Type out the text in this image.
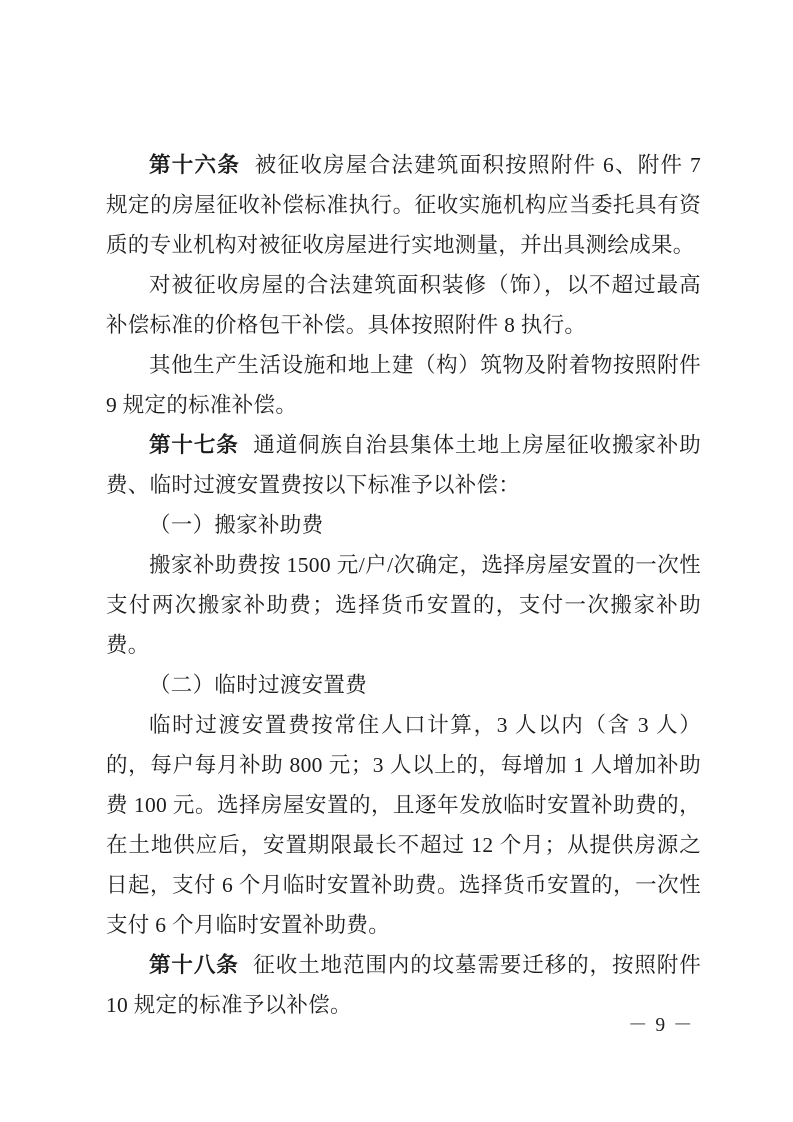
第十六条 被征收房屋合法建筑面积按照附件 6、附件 7 规定的房屋征收补偿标准执行。征收实施机构应当委托具有资质的专业机构对被征收房屋进行实地测量，并出具测绘成果。

对被征收房屋的合法建筑面积装修（饰），以不超过最高补偿标准的价格包干补偿。具体按照附件 8 执行。

其他生产生活设施和地上建（构）筑物及附着物按照附件 9 规定的标准补偿。

第十七条 通道侗族自治县集体土地上房屋征收搬家补助费、临时过渡安置费按以下标准予以补偿：

（一）搬家补助费

搬家补助费按 1500 元/户/次确定，选择房屋安置的一次性支付两次搬家补助费；选择货币安置的，支付一次搬家补助费。

（二）临时过渡安置费

临时过渡安置费按常住人口计算，3 人以内（含 3 人）的，每户每月补助 800 元；3 人以上的，每增加 1 人增加补助费 100 元。选择房屋安置的，且逐年发放临时安置补助费的，在土地供应后，安置期限最长不超过 12 个月；从提供房源之日起，支付 6 个月临时安置补助费。选择货币安置的，一次性支付 6 个月临时安置补助费。

第十八条 征收土地范围内的坟墓需要迁移的，按照附件 10 规定的标准予以补偿。

－ 9 －
